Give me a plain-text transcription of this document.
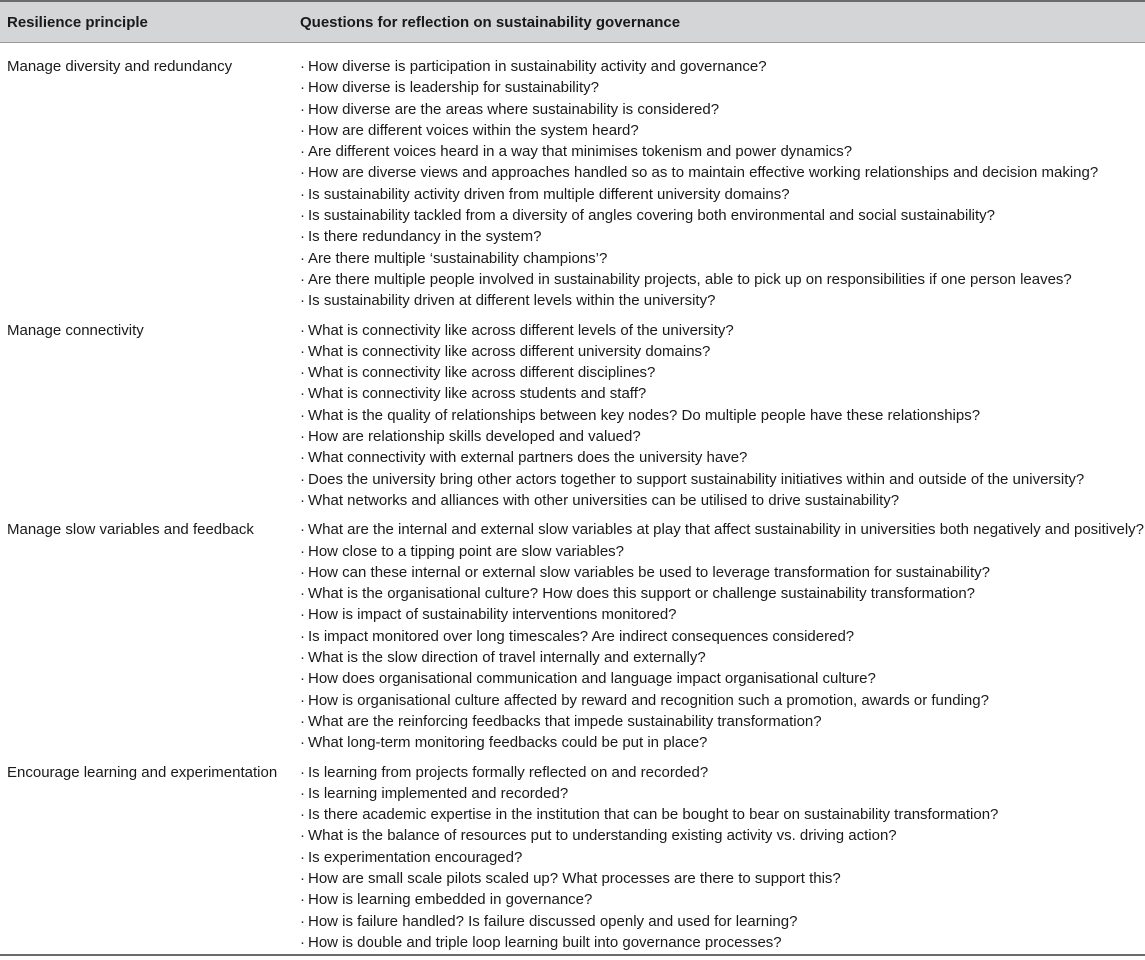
Resilience principle	Questions for reflection on sustainability governance
Manage diversity and redundancy	· How diverse is participation in sustainability activity and governance?
· How diverse is leadership for sustainability?
· How diverse are the areas where sustainability is considered?
· How are different voices within the system heard?
· Are different voices heard in a way that minimises tokenism and power dynamics?
· How are diverse views and approaches handled so as to maintain effective working relationships and decision making?
· Is sustainability activity driven from multiple different university domains?
· Is sustainability tackled from a diversity of angles covering both environmental and social sustainability?
· Is there redundancy in the system?
· Are there multiple ‘sustainability champions’?
· Are there multiple people involved in sustainability projects, able to pick up on responsibilities if one person leaves?
· Is sustainability driven at different levels within the university?
Manage connectivity	· What is connectivity like across different levels of the university?
· What is connectivity like across different university domains?
· What is connectivity like across different disciplines?
· What is connectivity like across students and staff?
· What is the quality of relationships between key nodes? Do multiple people have these relationships?
· How are relationship skills developed and valued?
· What connectivity with external partners does the university have?
· Does the university bring other actors together to support sustainability initiatives within and outside of the university?
· What networks and alliances with other universities can be utilised to drive sustainability?
Manage slow variables and feedback	· What are the internal and external slow variables at play that affect sustainability in universities both negatively and positively?
· How close to a tipping point are slow variables?
· How can these internal or external slow variables be used to leverage transformation for sustainability?
· What is the organisational culture? How does this support or challenge sustainability transformation?
· How is impact of sustainability interventions monitored?
· Is impact monitored over long timescales? Are indirect consequences considered?
· What is the slow direction of travel internally and externally?
· How does organisational communication and language impact organisational culture?
· How is organisational culture affected by reward and recognition such a promotion, awards or funding?
· What are the reinforcing feedbacks that impede sustainability transformation?
· What long-term monitoring feedbacks could be put in place?
Encourage learning and experimentation · Is learning from projects formally reflected on and recorded?
· Is learning implemented and recorded?
· Is there academic expertise in the institution that can be bought to bear on sustainability transformation?
· What is the balance of resources put to understanding existing activity vs. driving action?
· Is experimentation encouraged?
· How are small scale pilots scaled up? What processes are there to support this?
· How is learning embedded in governance?
· How is failure handled? Is failure discussed openly and used for learning?
· How is double and triple loop learning built into governance processes?
